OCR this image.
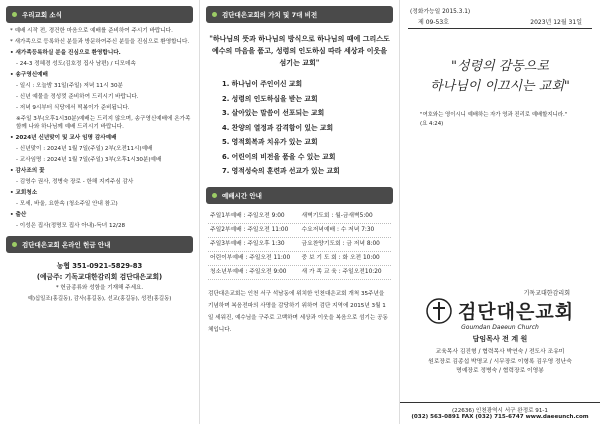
우리교회 소식
* 예배 시작 전, 경건한 마음으로 예배를 준비하여 주시기 바랍니다.
* 새가족으로 등록하신 분들과 방문하여주신 분들을 진심으로 환영합니다.
• 새가족등록하실 분을 진심으로 환영합니다.
- 24-3 정혜경 성도(김호정 집사 남편) / 디모데속
• 송구영신예배
- 일시 : 오늘밤 31일(주일) 저녁 11시 30분
- 신년 예물을 정성껏 준비하여 드리시기 바랍니다.
- 저녁 9시부터 식당에서 떡볶이가 준비됩니다.
※주일 3부(오후1시30분)예배는 드리지 않으며, 송구영신예배에 온가족 함께 나와 하나님께 예배 드리시기 바랍니다.
• 2024년 신년맞이 및 교사 임명 감사예배
- 신년맞이 : 2024년 1월 7일(주일) 2부(오전11시)예배
- 교사임명 : 2024년 1월 7일(주일) 3부(오후1시30분)예배
• 감사조의 꽃
- 김영수 권사, 정병숙 장로 - 한해 지켜주심 감사
• 교회청소
- 모세, 바울, 요한속 (청소주일 안내 참고)
• 출산
- 이성은 집사(정명모 집사 아내)-득녀 12/28
검단대은교회 온라인 헌금 안내
농협 351-0921-5829-83
(예금주: 기독교대한감리회 검단대은교회)
* 헌금종류와 성함을 기재해 주세요.
예)십일조(홍길동), 감사(홍길동), 선교(홍길동), 성전(홍길동)
검단대은교회의 가치 및 7대 비전
"하나님의 뜻과 하나님의 방식으로 하나님의 때에 그리스도 예수의 마음을 품고, 성령의 인도하심 따라 세상과 이웃을 섬기는 교회"
1. 하나님이 주인이신 교회
2. 성령의 인도하심을 받는 교회
3. 살아있는 말씀이 선포되는 교회
4. 찬양의 열정과 감격함이 있는 교회
5. 영적회복과 치유가 있는 교회
6. 어린이의 비전을 품을 수 있는 교회
7. 영적성숙의 훈련과 선교가 있는 교회
예배시간 안내
주일1부예배 : 주일오전 9:00	새벽기도회 : 월-금새벽5:00
주일2부예배 : 주일오전 11:00	수요저녁예배 : 수 저녁 7:30
주일3부예배 : 주일오후 1:30	금요찬양기도회 : 금 저녁 8:00
어린이부예배 : 주일오전 11:00	중 보 기 도 회 : 화 오전 10:00
청소년부예배 : 주일오전 9:00	새 가 족 교 육 : 주일오전10:20
검단대은교회는 인천 서구 석남동에 위치한 인천대은교회 개척 35주년을 기념하며 복음전파의 사명을 감당하기 위하여 검단 지역에 2015년 3월 1일 세워진, 예수님을 구주로 고백하며 세상과 이웃을 복음으로 섬기는 공동체입니다.
(정화가능일 2015.3.1)
제 09-53호	2023년 12월 31일
"성령의 감동으로
하나님이 이끄시는 교회"
"여호와는 영이시니 예배하는 자가 영과 진리로 예배할지니라."
(요 4:24)
기독교대한감리회
검단대은교회
Goumdan Daeeun Church
담임목사 전 계 원
교육목사 김진형 / 협력목사 박연숙 / 전도사 조유미
원로장로 김종섭 박명교 / 시무장로 이형록 김우영 정난숙
명예장로 정병숙 / 협력장로 이영봉
(22636) 인천광역시 서구 완정로 91-1
(032) 563-0891 FAX (032) 715-6747 www.daeeunch.com
